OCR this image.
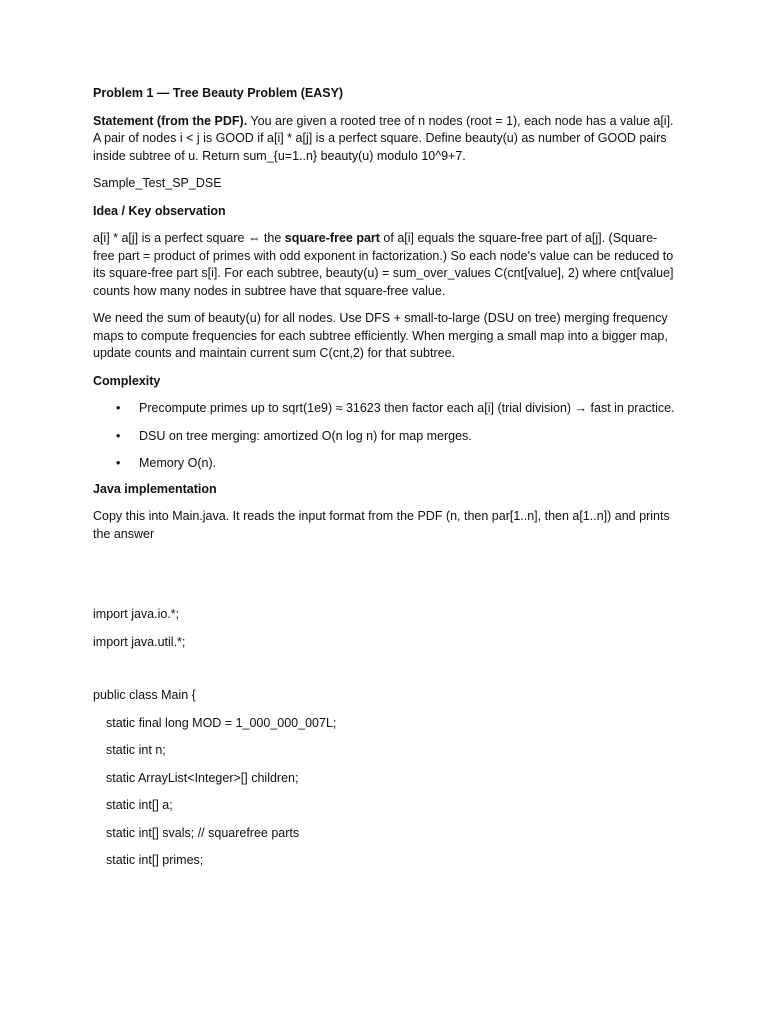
Problem 1 — Tree Beauty Problem (EASY)

Statement (from the PDF). You are given a rooted tree of n nodes (root = 1), each node has a value a[i]. A pair of nodes i < j is GOOD if a[i] * a[j] is a perfect square. Define beauty(u) as number of GOOD pairs inside subtree of u. Return sum_{u=1..n} beauty(u) modulo 10^9+7.

Sample_Test_SP_DSE

Idea / Key observation

a[i] * a[j] is a perfect square ⇔ the square-free part of a[i] equals the square-free part of a[j]. (Square-free part = product of primes with odd exponent in factorization.) So each node's value can be reduced to its square-free part s[i]. For each subtree, beauty(u) = sum_over_values C(cnt[value], 2) where cnt[value] counts how many nodes in subtree have that square-free value.

We need the sum of beauty(u) for all nodes. Use DFS + small-to-large (DSU on tree) merging frequency maps to compute frequencies for each subtree efficiently. When merging a small map into a bigger map, update counts and maintain current sum C(cnt,2) for that subtree.

Complexity

• Precompute primes up to sqrt(1e9) ≈ 31623 then factor each a[i] (trial division) → fast in practice.
• DSU on tree merging: amortized O(n log n) for map merges.
• Memory O(n).

Java implementation

Copy this into Main.java. It reads the input format from the PDF (n, then par[1..n], then a[1..n]) and prints the answer

import java.io.*;

import java.util.*;

public class Main {

static final long MOD = 1_000_000_007L;

static int n;

static ArrayList<Integer>[] children;

static int[] a;

static int[] svals; // squarefree parts

static int[] primes;
